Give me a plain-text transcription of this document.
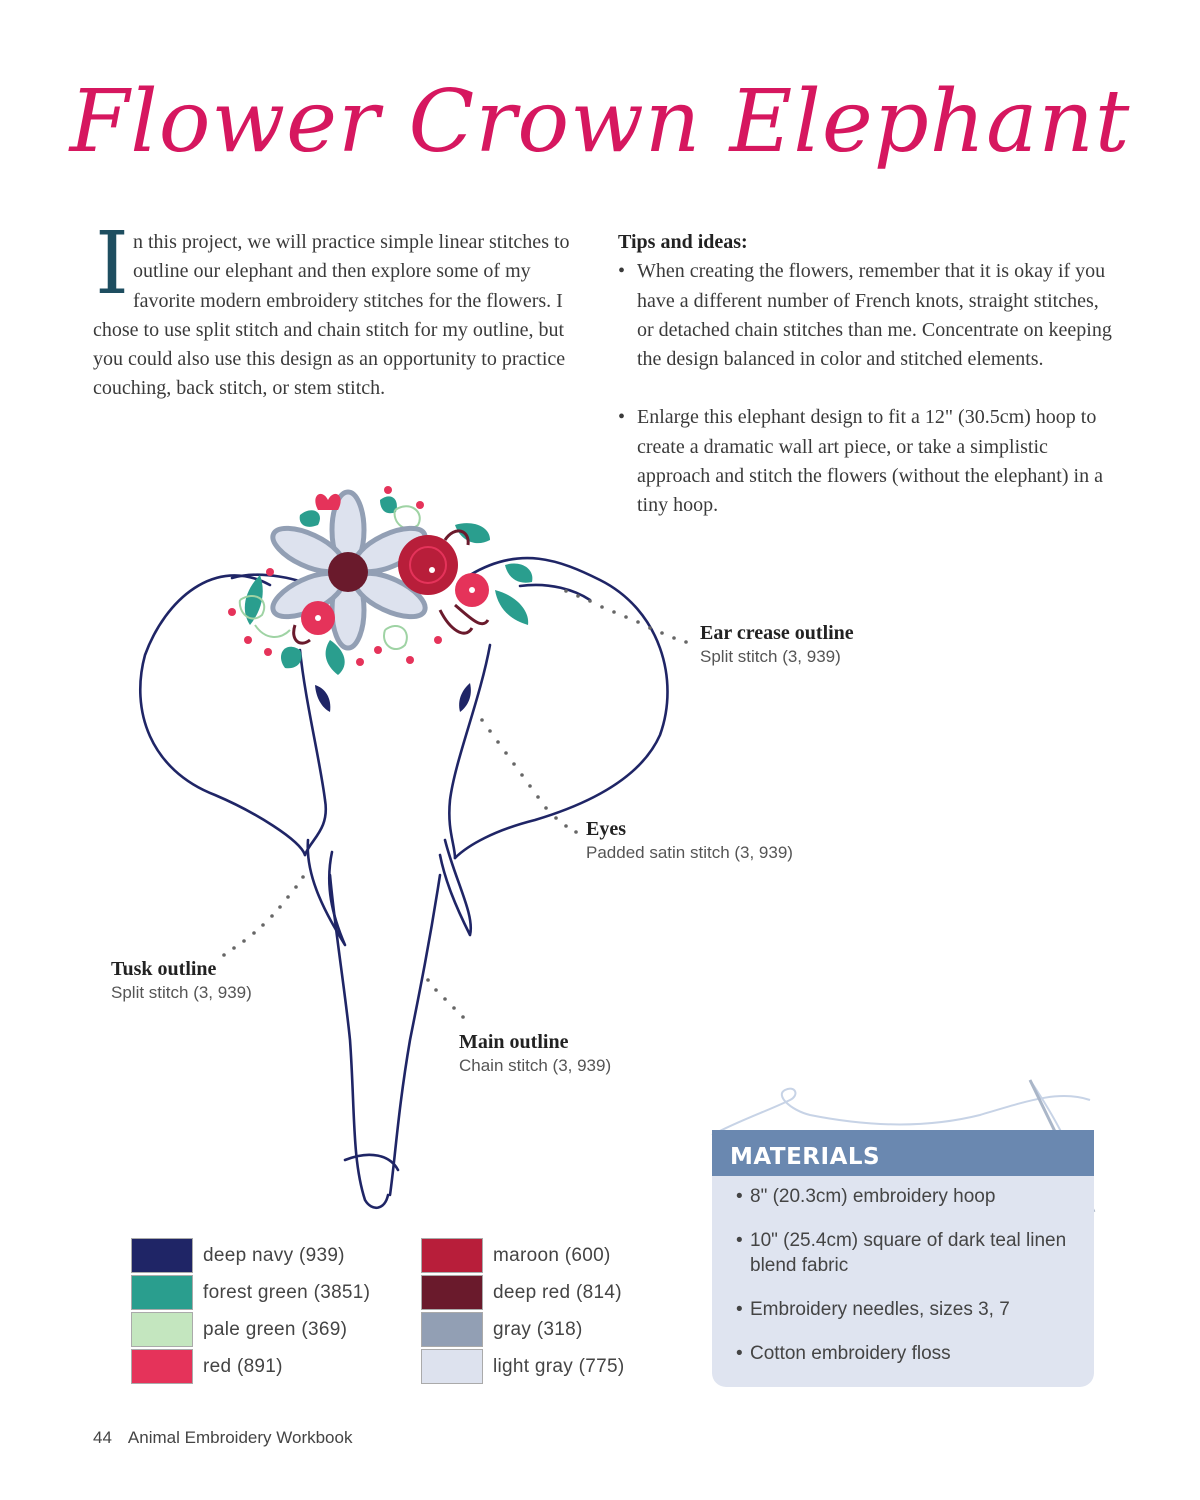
Flower Crown Elephant
In this project, we will practice simple linear stitches to outline our elephant and then explore some of my favorite modern embroidery stitches for the flowers. I chose to use split stitch and chain stitch for my outline, but you could also use this design as an opportunity to practice couching, back stitch, or stem stitch.
Tips and ideas:
• When creating the flowers, remember that it is okay if you have a different number of French knots, straight stitches, or detached chain stitches than me. Concentrate on keeping the design balanced in color and stitched elements.
• Enlarge this elephant design to fit a 12" (30.5cm) hoop to create a dramatic wall art piece, or take a simplistic approach and stitch the flowers (without the elephant) in a tiny hoop.
Ear crease outline
Split stitch (3, 939)
Eyes
Padded satin stitch (3, 939)
Tusk outline
Split stitch (3, 939)
Main outline
Chain stitch (3, 939)
deep navy (939)
forest green (3851)
pale green (369)
red (891)
maroon (600)
deep red (814)
gray (318)
light gray (775)
MATERIALS
• 8" (20.3cm) embroidery hoop
• 10" (25.4cm) square of dark teal linen blend fabric
• Embroidery needles, sizes 3, 7
• Cotton embroidery floss
44 Animal Embroidery Workbook
